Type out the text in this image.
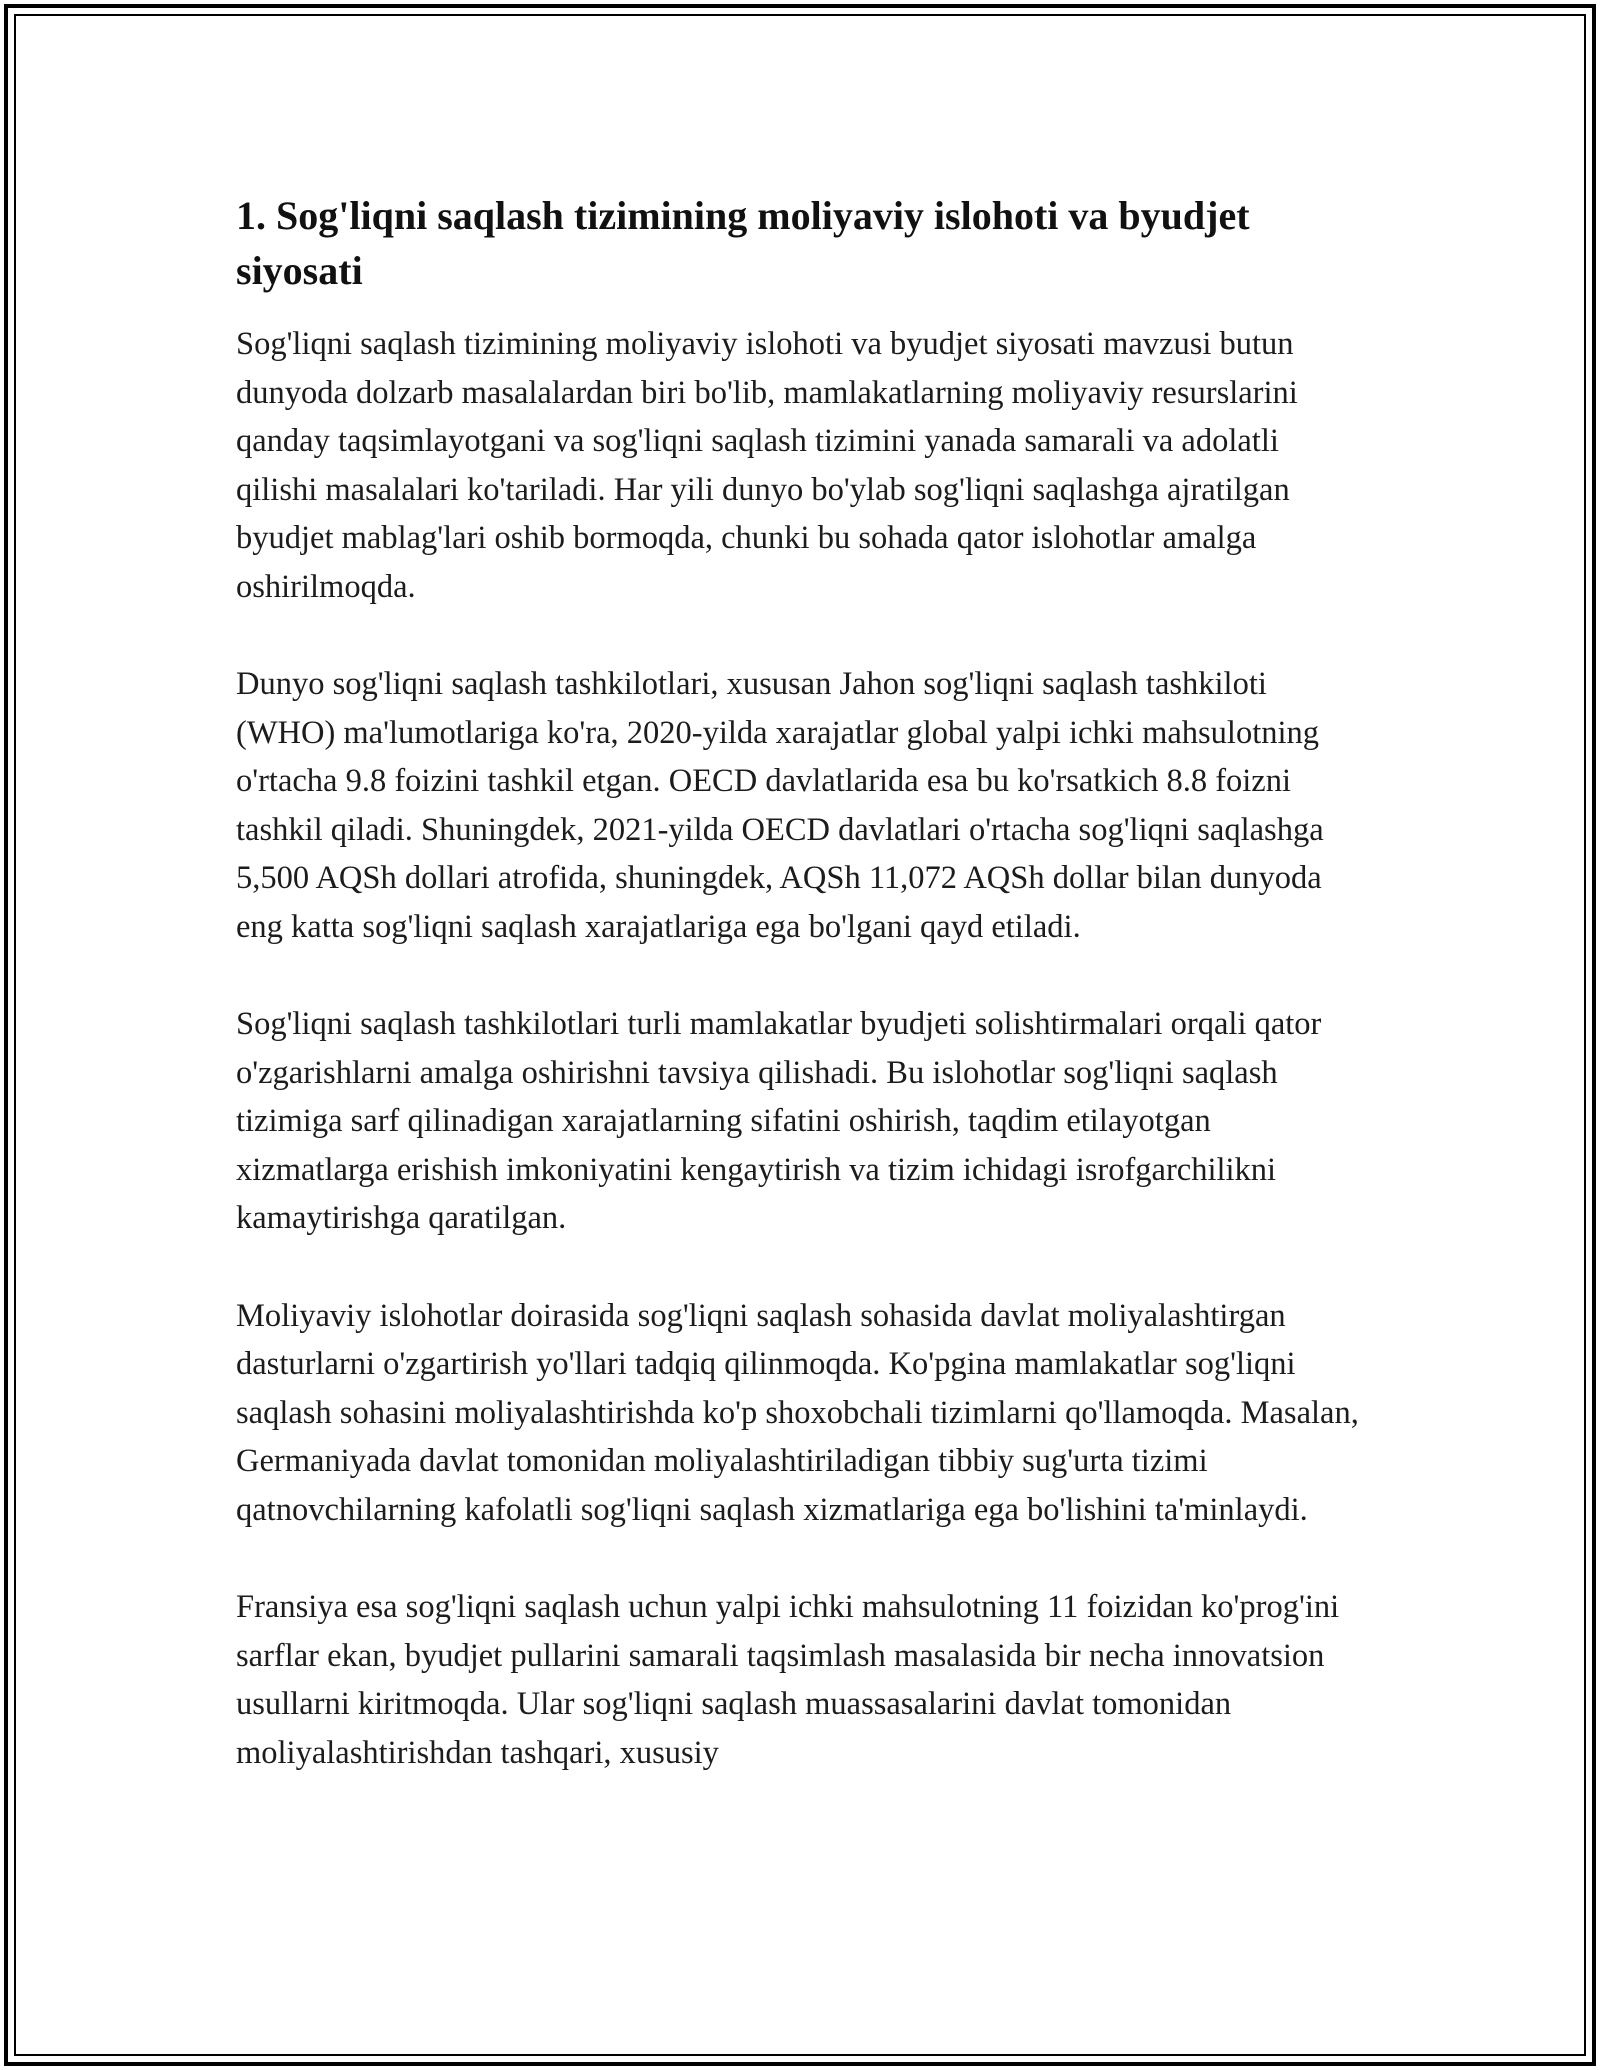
1. Sog'liqni saqlash tizimining moliyaviy islohoti va byudjet siyosati

Sog'liqni saqlash tizimining moliyaviy islohoti va byudjet siyosati mavzusi butun dunyoda dolzarb masalalardan biri bo'lib, mamlakatlarning moliyaviy resurslarini qanday taqsimlayotgani va sog'liqni saqlash tizimini yanada samarali va adolatli qilishi masalalari ko'tariladi. Har yili dunyo bo'ylab sog'liqni saqlashga ajratilgan byudjet mablag'lari oshib bormoqda, chunki bu sohada qator islohotlar amalga oshirilmoqda.

Dunyo sog'liqni saqlash tashkilotlari, xususan Jahon sog'liqni saqlash tashkiloti (WHO) ma'lumotlariga ko'ra, 2020-yilda xarajatlar global yalpi ichki mahsulotning o'rtacha 9.8 foizini tashkil etgan. OECD davlatlarida esa bu ko'rsatkich 8.8 foizni tashkil qiladi. Shuningdek, 2021-yilda OECD davlatlari o'rtacha sog'liqni saqlashga 5,500 AQSh dollari atrofida, shuningdek, AQSh 11,072 AQSh dollar bilan dunyoda eng katta sog'liqni saqlash xarajatlariga ega bo'lgani qayd etiladi.

Sog'liqni saqlash tashkilotlari turli mamlakatlar byudjeti solishtirmalari orqali qator o'zgarishlarni amalga oshirishni tavsiya qilishadi. Bu islohotlar sog'liqni saqlash tizimiga sarf qilinadigan xarajatlarning sifatini oshirish, taqdim etilayotgan xizmatlarga erishish imkoniyatini kengaytirish va tizim ichidagi isrofgarchilikni kamaytirishga qaratilgan.

Moliyaviy islohotlar doirasida sog'liqni saqlash sohasida davlat moliyalashtirgan dasturlarni o'zgartirish yo'llari tadqiq qilinmoqda. Ko'pgina mamlakatlar sog'liqni saqlash sohasini moliyalashtirishda ko'p shoxobchali tizimlarni qo'llamoqda. Masalan, Germaniyada davlat tomonidan moliyalashtiriladigan tibbiy sug'urta tizimi qatnovchilarning kafolatli sog'liqni saqlash xizmatlariga ega bo'lishini ta'minlaydi.

Fransiya esa sog'liqni saqlash uchun yalpi ichki mahsulotning 11 foizidan ko'prog'ini sarflar ekan, byudjet pullarini samarali taqsimlash masalasida bir necha innovatsion usullarni kiritmoqda. Ular sog'liqni saqlash muassasalarini davlat tomonidan moliyalashtirishdan tashqari, xususiy
